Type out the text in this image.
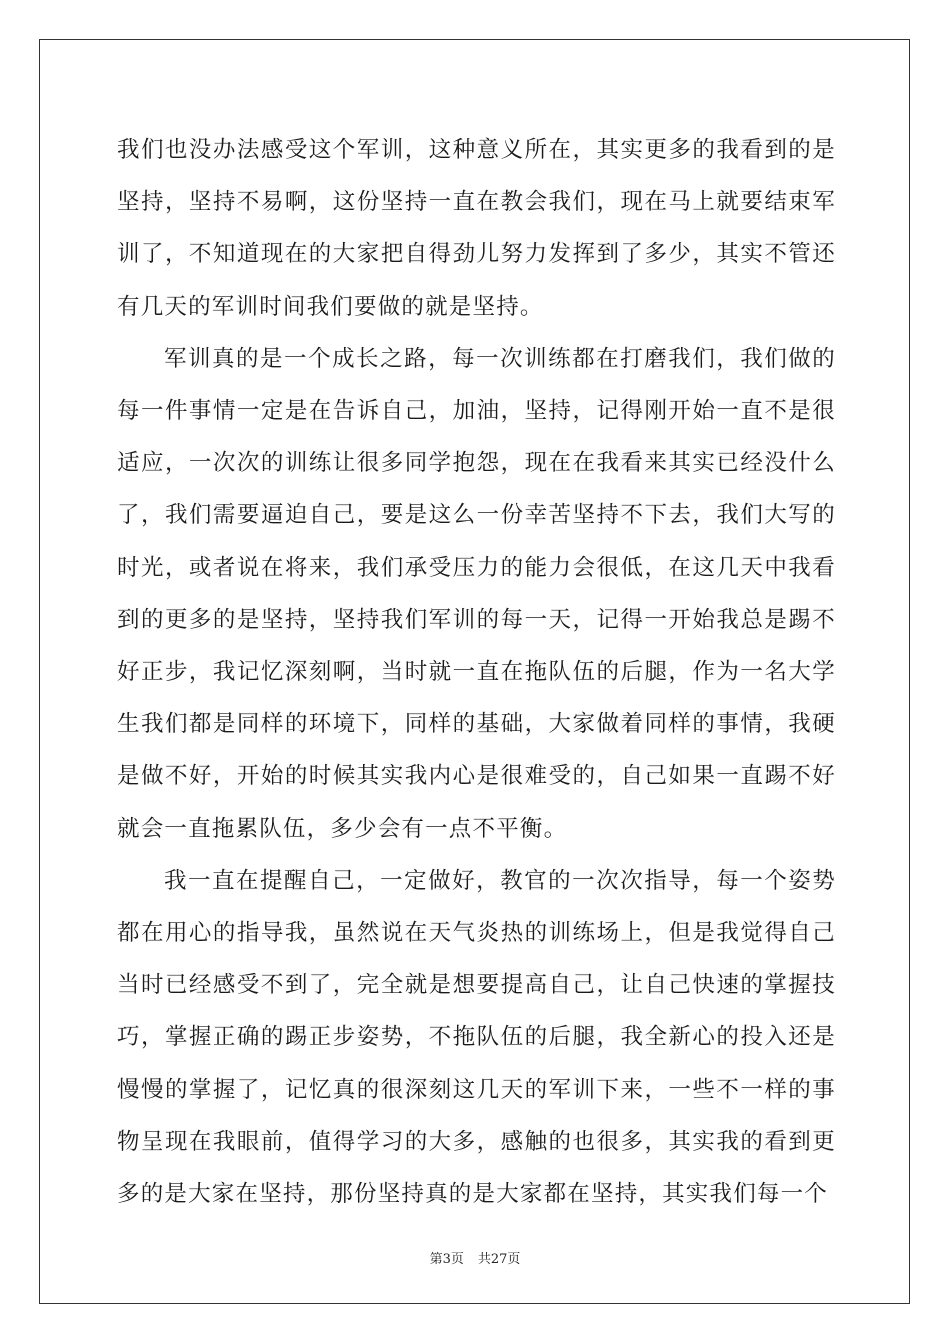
我们也没办法感受这个军训，这种意义所在，其实更多的我看到的是坚持，坚持不易啊，这份坚持一直在教会我们，现在马上就要结束军训了，不知道现在的大家把自得劲儿努力发挥到了多少，其实不管还有几天的军训时间我们要做的就是坚持。

军训真的是一个成长之路，每一次训练都在打磨我们，我们做的每一件事情一定是在告诉自己，加油，坚持，记得刚开始一直不是很适应，一次次的训练让很多同学抱怨，现在在我看来其实已经没什么了，我们需要逼迫自己，要是这么一份幸苦坚持不下去，我们大写的时光，或者说在将来，我们承受压力的能力会很低，在这几天中我看到的更多的是坚持，坚持我们军训的每一天，记得一开始我总是踢不好正步，我记忆深刻啊，当时就一直在拖队伍的后腿，作为一名大学生我们都是同样的环境下，同样的基础，大家做着同样的事情，我硬是做不好，开始的时候其实我内心是很难受的，自己如果一直踢不好就会一直拖累队伍，多少会有一点不平衡。

我一直在提醒自己，一定做好，教官的一次次指导，每一个姿势都在用心的指导我，虽然说在天气炎热的训练场上，但是我觉得自己当时已经感受不到了，完全就是想要提高自己，让自己快速的掌握技巧，掌握正确的踢正步姿势，不拖队伍的后腿，我全新心的投入还是慢慢的掌握了，记忆真的很深刻这几天的军训下来，一些不一样的事物呈现在我眼前，值得学习的大多，感触的也很多，其实我的看到更多的是大家在坚持，那份坚持真的是大家都在坚持，其实我们每一个

第3页 共27页
